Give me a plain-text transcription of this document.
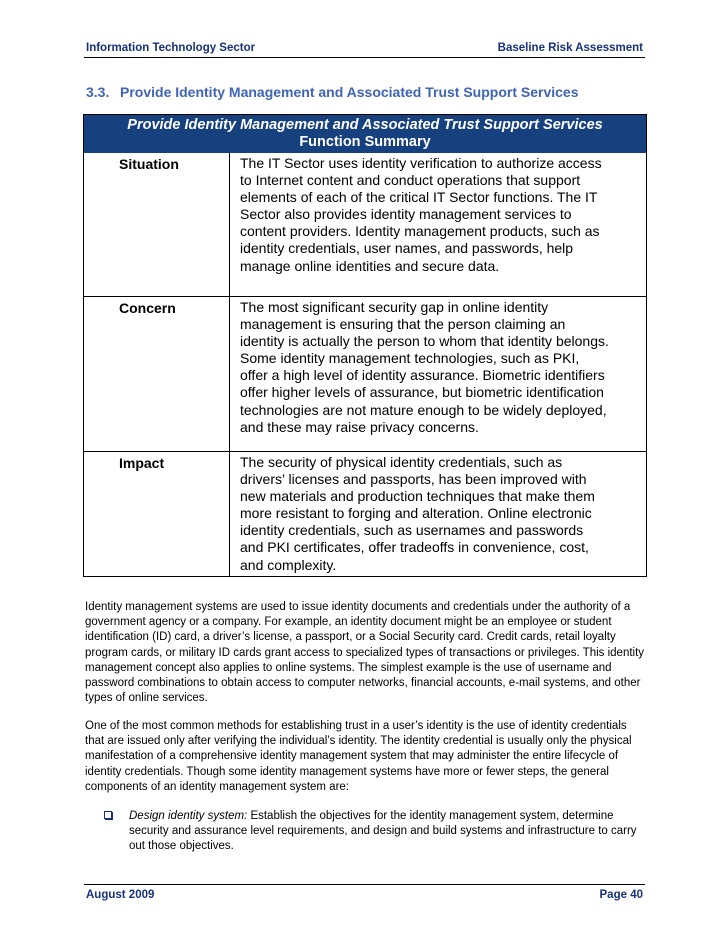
Information Technology Sector	Baseline Risk Assessment
3.3. Provide Identity Management and Associated Trust Support Services
Provide Identity Management and Associated Trust Support Services
Function Summary
Situation	The IT Sector uses identity verification to authorize access to Internet content and conduct operations that support elements of each of the critical IT Sector functions. The IT Sector also provides identity management services to content providers. Identity management products, such as identity credentials, user names, and passwords, help manage online identities and secure data.
Concern	The most significant security gap in online identity management is ensuring that the person claiming an identity is actually the person to whom that identity belongs. Some identity management technologies, such as PKI, offer a high level of identity assurance. Biometric identifiers offer higher levels of assurance, but biometric identification technologies are not mature enough to be widely deployed, and these may raise privacy concerns.
Impact	The security of physical identity credentials, such as drivers’ licenses and passports, has been improved with new materials and production techniques that make them more resistant to forging and alteration. Online electronic identity credentials, such as usernames and passwords and PKI certificates, offer tradeoffs in convenience, cost, and complexity.
Identity management systems are used to issue identity documents and credentials under the authority of a government agency or a company. For example, an identity document might be an employee or student identification (ID) card, a driver’s license, a passport, or a Social Security card. Credit cards, retail loyalty program cards, or military ID cards grant access to specialized types of transactions or privileges. This identity management concept also applies to online systems. The simplest example is the use of username and password combinations to obtain access to computer networks, financial accounts, e-mail systems, and other types of online services.
One of the most common methods for establishing trust in a user’s identity is the use of identity credentials that are issued only after verifying the individual’s identity. The identity credential is usually only the physical manifestation of a comprehensive identity management system that may administer the entire lifecycle of identity credentials. Though some identity management systems have more or fewer steps, the general components of an identity management system are:
Design identity system: Establish the objectives for the identity management system, determine security and assurance level requirements, and design and build systems and infrastructure to carry out those objectives.
August 2009	Page 40
